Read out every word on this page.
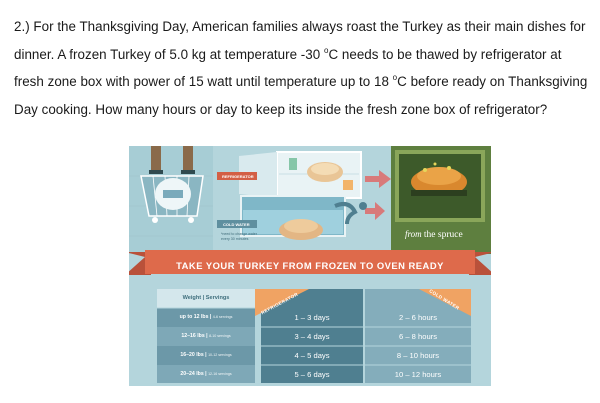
2.) For the Thanksgiving Day, American families always roast the Turkey as their main dishes for
dinner. A frozen Turkey of 5.0 kg at temperature -30 $^o$C needs to be thawed by refrigerator at
fresh zone box with power of 15 watt until temperature up to 18 $^o$C before ready on Thanksgiving
Day cooking. How many hours or day to keep its inside the fresh zone box of refrigerator?
REFRIGERATOR
COLD WATER
*need to change water
every 30 minutes	from the spruce
TAKE YOUR TURKEY FROM FROZEN TO OVEN READY
Weight | Servings	REFRIGERATOR	COLD WATER
up to 12 lbs | 4-6 servings	1 – 3 days	2 – 6 hours
12–16 lbs | 8-10 servings	3 – 4 days	6 – 8 hours
16–20 lbs | 10-12 servings	4 – 5 days	8 – 10 hours
20–24 lbs | 12-16 servings	5 – 6 days	10 – 12 hours
